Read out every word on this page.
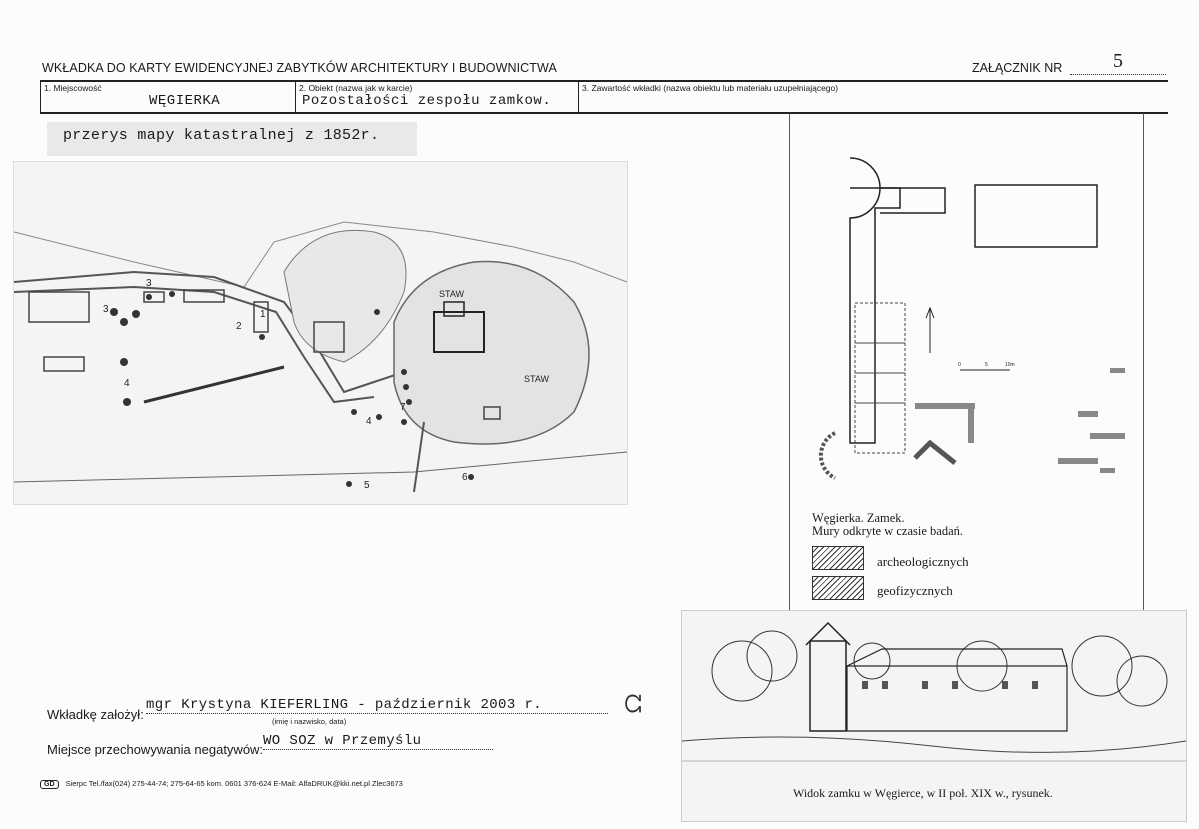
WKŁADKA DO KARTY EWIDENCYJNEJ ZABYTKÓW ARCHITEKTURY I BUDOWNICTWA	ZAŁĄCZNIK NR	5
1. Miejscowość
WĘGIERKA
2. Obiekt (nazwa jak w karcie)
Pozostałości zespołu zamkow.
3. Zawartość wkładki (nazwa obiektu lub materiału uzupełniającego)
przerys mapy katastralnej z 1852r.
STAW
STAW
1
2
3
3
4
4
5
6
7
0	5	10m
Węgierka. Zamek.
Mury odkryte w czasie badań.
archeologicznych
geofizycznych
Widok zamku w Węgierce, w II poł. XIX w., rysunek.
Wkładkę założył:
mgr Krystyna KIEFERLING - październik 2003 r.	ᘳ
(imię i nazwisko, data)
Miejsce przechowywania negatywów:
WO SOZ w Przemyślu
GD Sierpc Tel./fax(024) 275-44-74; 275-64-65 kom. 0601 376-624 E-Mail: AlfaDRUK@kki.net.pl Zlec3673
